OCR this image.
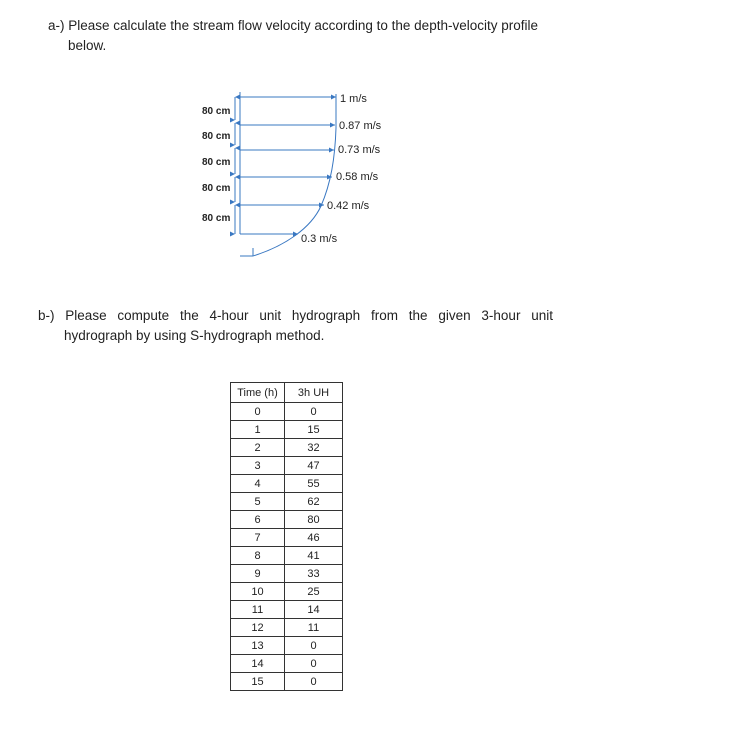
a-) Please calculate the stream flow velocity according to the depth-velocity profile
below.
80 cm
80 cm
80 cm
80 cm
80 cm
1 m/s
0.87 m/s
0.73 m/s
0.58 m/s
0.42 m/s
0.3 m/s
b-) Please compute the 4-hour unit hydrograph from the given 3-hour unit
hydrograph by using S-hydrograph method.
Time (h)	3h UH
0	0
1	15
2	32
3	47
4	55
5	62
6	80
7	46
8	41
9	33
10	25
11	14
12	11
13	0
14	0
15	0
